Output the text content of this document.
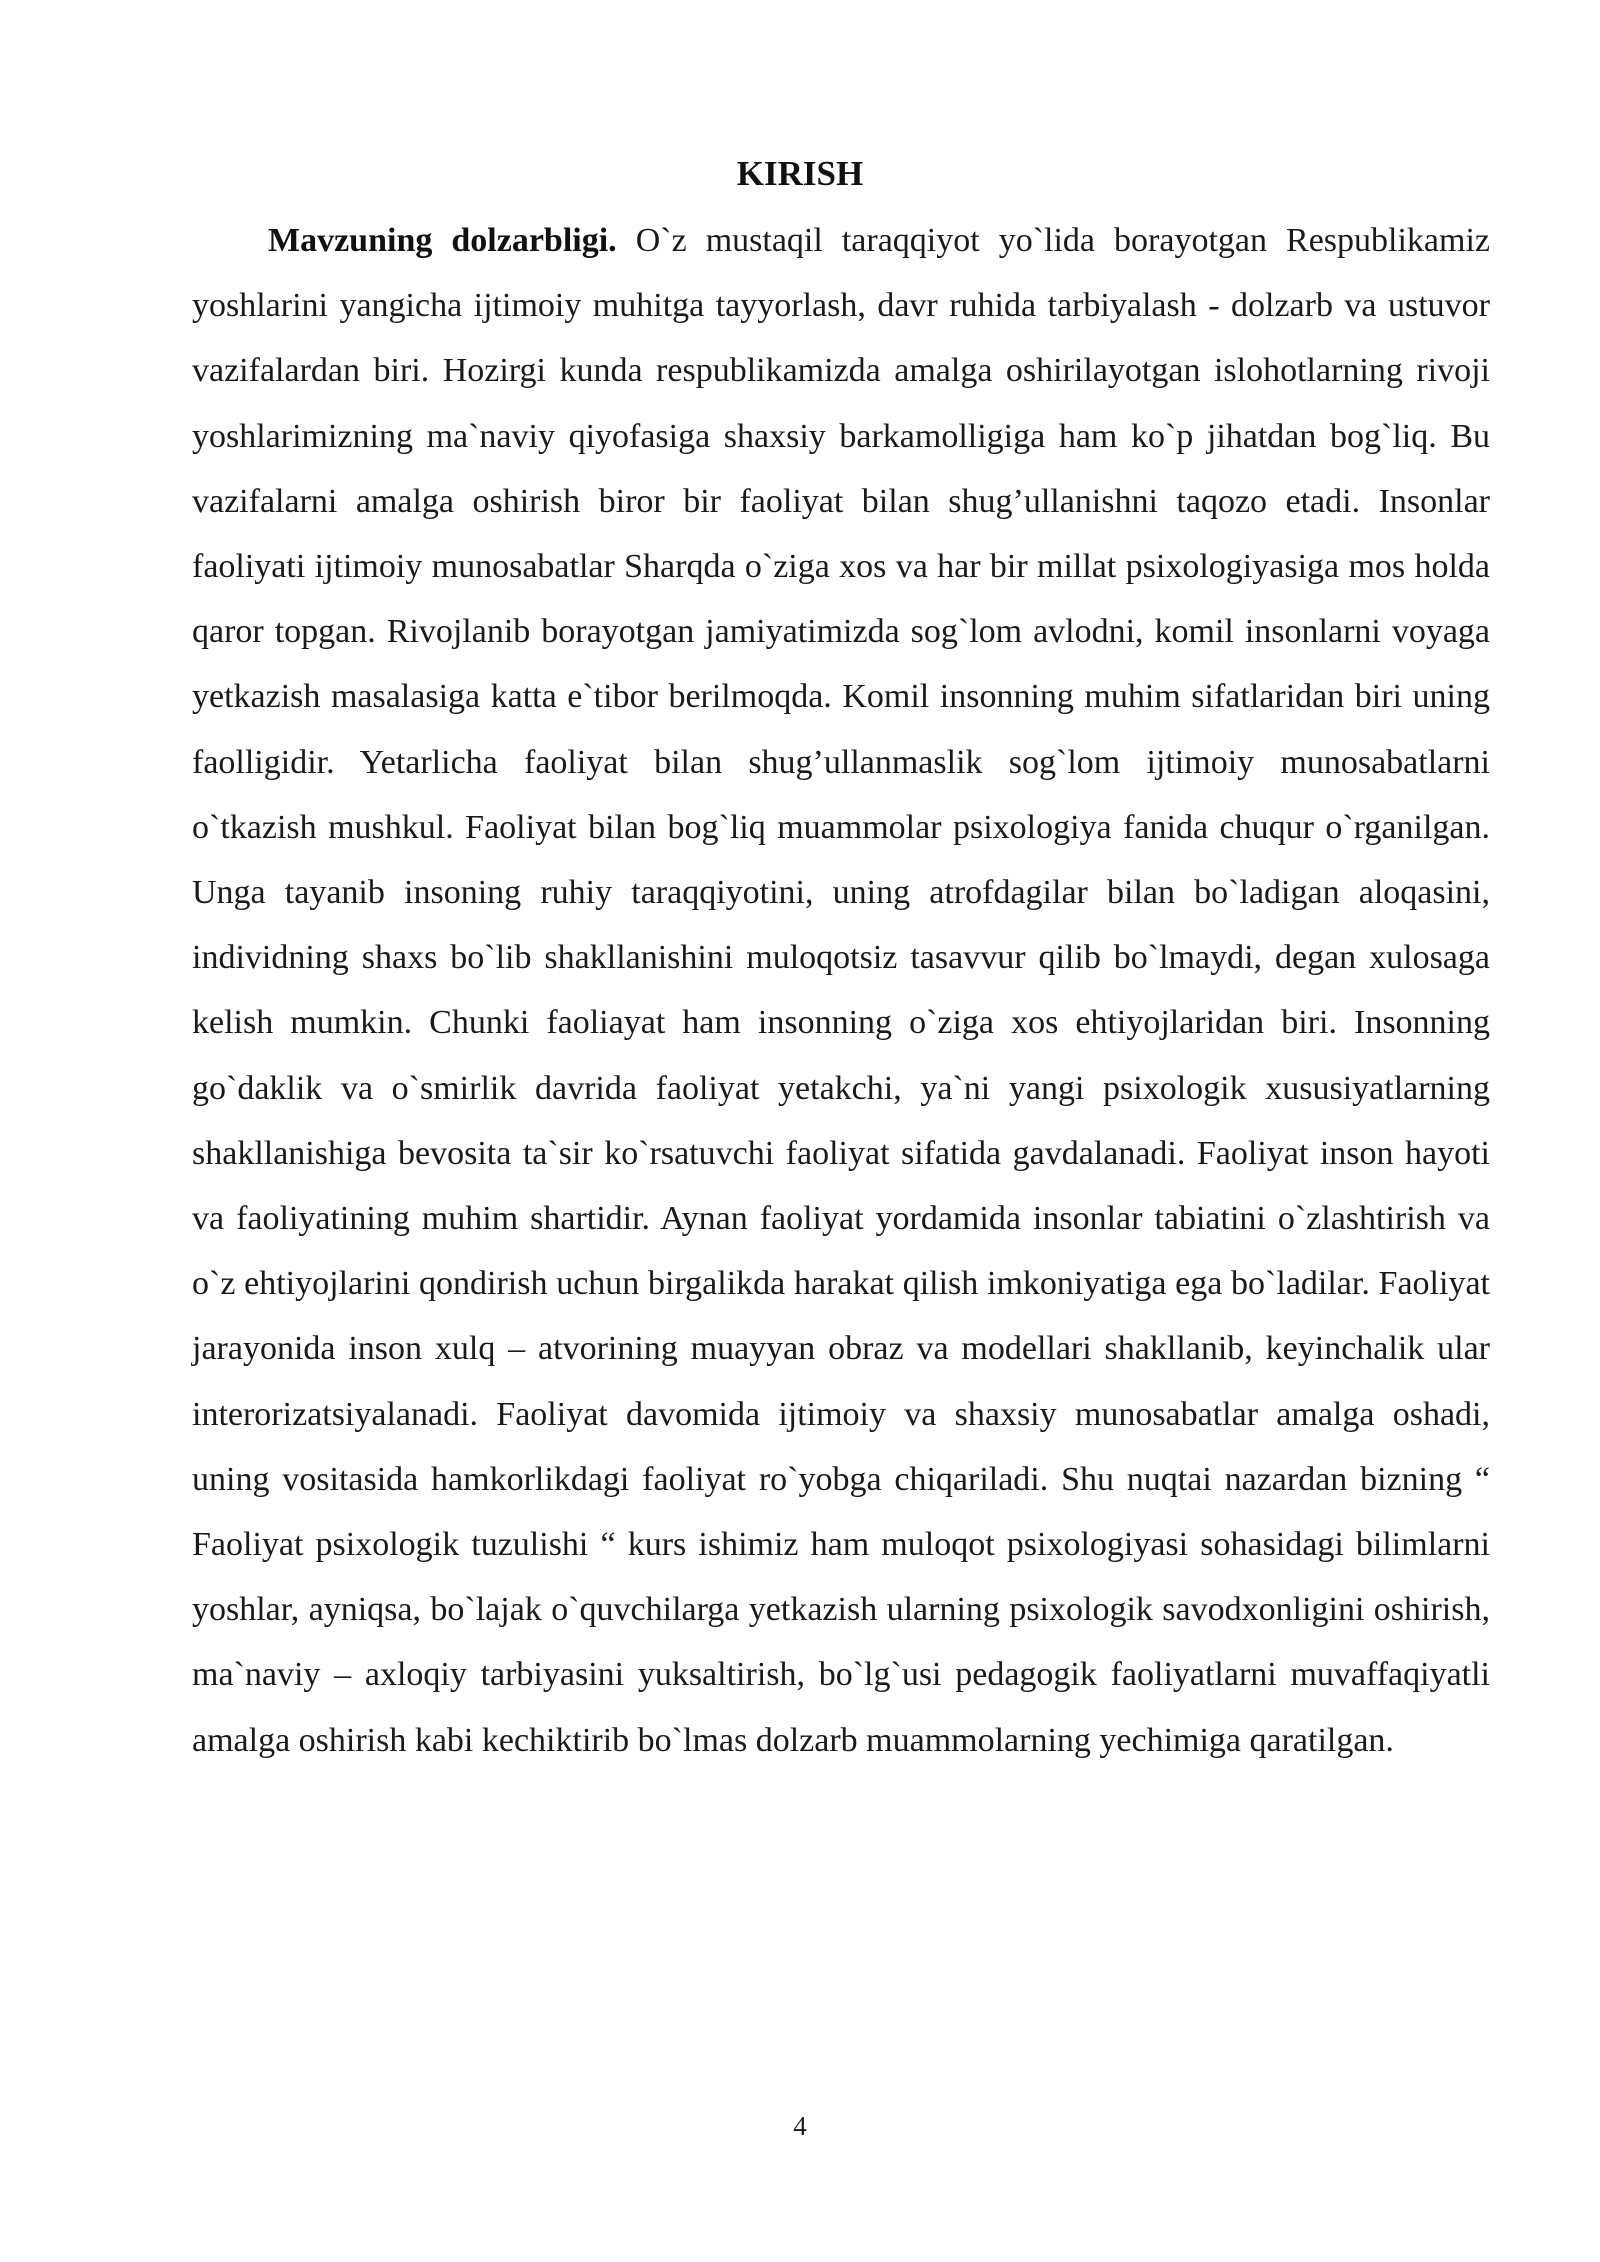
KIRISH

Mavzuning dolzarbligi. O`z mustaqil taraqqiyot yo`lida borayotgan Respublikamiz yoshlarini yangicha ijtimoiy muhitga tayyorlash, davr ruhida tarbiyalash - dolzarb va ustuvor vazifalardan biri. Hozirgi kunda respublikamizda amalga oshirilayotgan islohotlarning rivoji yoshlarimizning ma`naviy qiyofasiga shaxsiy barkamolligiga ham ko`p jihatdan bog`liq. Bu vazifalarni amalga oshirish biror bir faoliyat bilan shug’ullanishni taqozo etadi. Insonlar faoliyati ijtimoiy munosabatlar Sharqda o`ziga xos va har bir millat psixologiyasiga mos holda qaror topgan. Rivojlanib borayotgan jamiyatimizda sog`lom avlodni, komil insonlarni voyaga yetkazish masalasiga katta e`tibor berilmoqda. Komil insonning muhim sifatlaridan biri uning faolligidir. Yetarlicha faoliyat bilan shug’ullanmaslik sog`lom ijtimoiy munosabatlarni o`tkazish mushkul. Faoliyat bilan bog`liq muammolar psixologiya fanida chuqur o`rganilgan. Unga tayanib insoning ruhiy taraqqiyotini, uning atrofdagilar bilan bo`ladigan aloqasini, individning shaxs bo`lib shakllanishini muloqotsiz tasavvur qilib bo`lmaydi, degan xulosaga kelish mumkin. Chunki faoliayat ham insonning o`ziga xos ehtiyojlaridan biri. Insonning go`daklik va o`smirlik davrida faoliyat yetakchi, ya`ni yangi psixologik xususiyatlarning shakllanishiga bevosita ta`sir ko`rsatuvchi faoliyat sifatida gavdalanadi. Faoliyat inson hayoti va faoliyatining muhim shartidir. Aynan faoliyat yordamida insonlar tabiatini o`zlashtirish va o`z ehtiyojlarini qondirish uchun birgalikda harakat qilish imkoniyatiga ega bo`ladilar. Faoliyat jarayonida inson xulq – atvorining muayyan obraz va modellari shakllanib, keyinchalik ular interorizatsiyalanadi. Faoliyat davomida ijtimoiy va shaxsiy munosabatlar amalga oshadi, uning vositasida hamkorlikdagi faoliyat ro`yobga chiqariladi. Shu nuqtai nazardan bizning “ Faoliyat psixologik tuzulishi “ kurs ishimiz ham muloqot psixologiyasi sohasidagi bilimlarni yoshlar, ayniqsa, bo`lajak o`quvchilarga yetkazish ularning psixologik savodxonligini oshirish, ma`naviy – axloqiy tarbiyasini yuksaltirish, bo`lg`usi pedagogik faoliyatlarni muvaffaqiyatli amalga oshirish kabi kechiktirib bo`lmas dolzarb muammolarning yechimiga qaratilgan.

4
